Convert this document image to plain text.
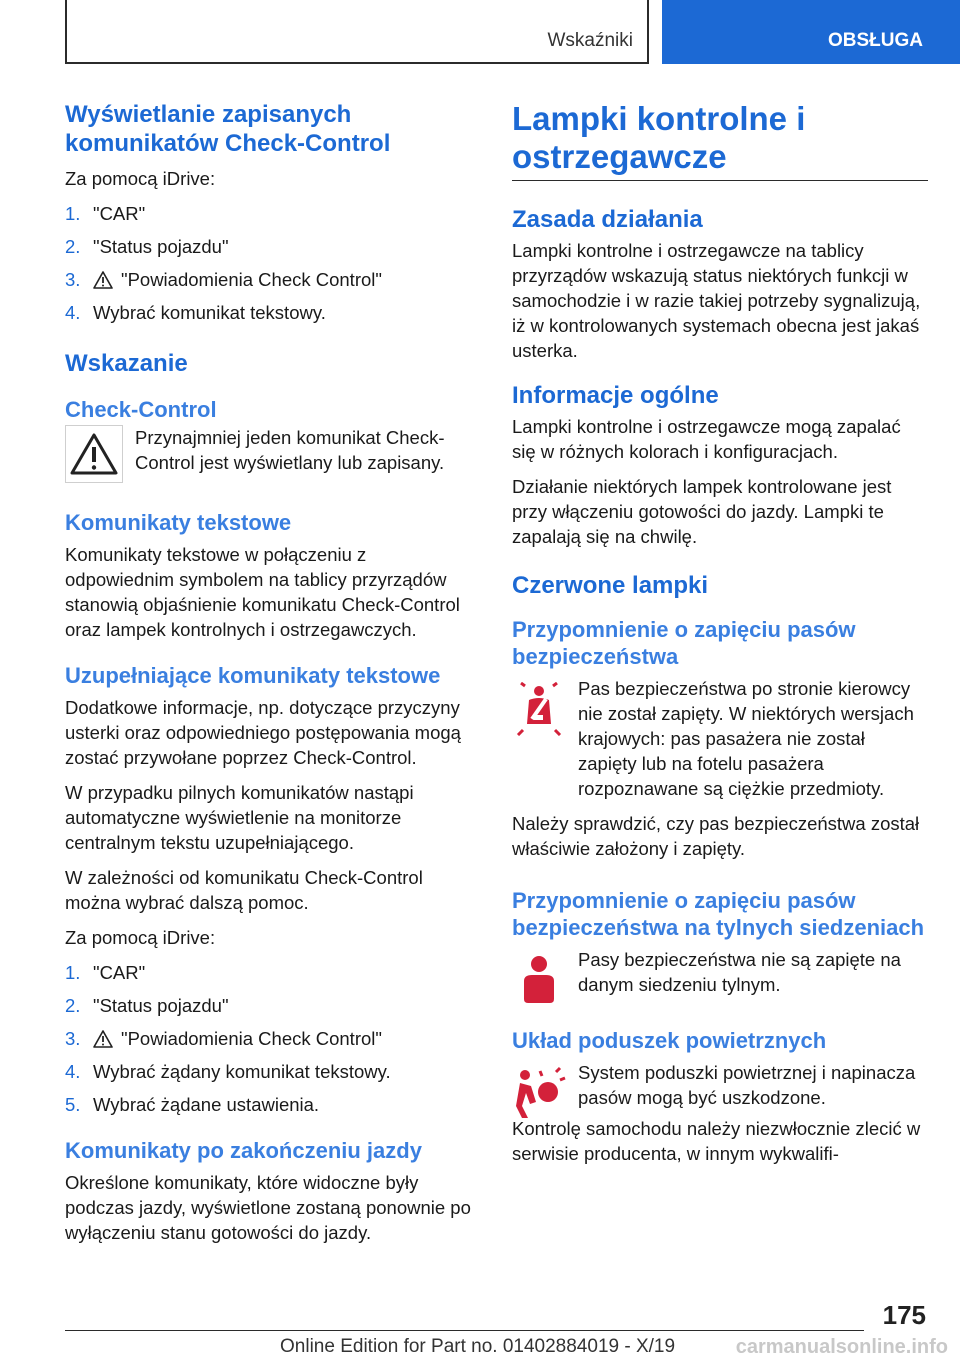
Wskaźniki	OBSŁUGA
Wyświetlanie zapisanych komunikatów Check-Control

Za pomocą iDrive:

1. "CAR"
2. "Status pojazdu"
3.	"Powiadomienia Check Control"
4. Wybrać komunikat tekstowy.
Wskazanie
Check-Control

Przynajmniej jeden komunikat Check-Control jest wyświetlany lub zapisany.

Komunikaty tekstowe

Komunikaty tekstowe w połączeniu z odpowiednim symbolem na tablicy przyrządów stanowią objaśnienie komunikatu Check-Control oraz lampek kontrolnych i ostrzegawczych.

Uzupełniające komunikaty tekstowe

Dodatkowe informacje, np. dotyczące przyczyny usterki oraz odpowiedniego postępowania mogą zostać przywołane poprzez Check-Control.

W przypadku pilnych komunikatów nastąpi automatyczne wyświetlenie na monitorze centralnym tekstu uzupełniającego.

W zależności od komunikatu Check-Control można wybrać dalszą pomoc.

Za pomocą iDrive:

1. "CAR"
2. "Status pojazdu"
3.	"Powiadomienia Check Control"
4. Wybrać żądany komunikat tekstowy.
5. Wybrać żądane ustawienia.
Komunikaty po zakończeniu jazdy

Określone komunikaty, które widoczne były podczas jazdy, wyświetlone zostaną ponownie po wyłączeniu stanu gotowości do jazdy.

Lampki kontrolne i ostrzegawcze
Zasada działania

Lampki kontrolne i ostrzegawcze na tablicy przyrządów wskazują status niektórych funkcji w samochodzie i w razie takiej potrzeby sygnalizują, iż w kontrolowanych systemach obecna jest jakaś usterka.

Informacje ogólne

Lampki kontrolne i ostrzegawcze mogą zapalać się w różnych kolorach i konfiguracjach.

Działanie niektórych lampek kontrolowane jest przy włączeniu gotowości do jazdy. Lampki te zapalają się na chwilę.

Czerwone lampki
Przypomnienie o zapięciu pasów bezpieczeństwa

Pas bezpieczeństwa po stronie kierowcy nie został zapięty. W niektórych wersjach krajowych: pas pasażera nie został zapięty lub na fotelu pasażera rozpoznawane są ciężkie przedmioty.

Należy sprawdzić, czy pas bezpieczeństwa został właściwie założony i zapięty.

Przypomnienie o zapięciu pasów bezpieczeństwa na tylnych siedzeniach

Pasy bezpieczeństwa nie są zapięte na danym siedzeniu tylnym.

Układ poduszek powietrznych

System poduszki powietrznej i napinacza pasów mogą być uszkodzone.

Kontrolę samochodu należy niezwłocznie zlecić w serwisie producenta, w innym wykwalifi-

175
Online Edition for Part no. 01402884019 - X/19	carmanualsonline.info
